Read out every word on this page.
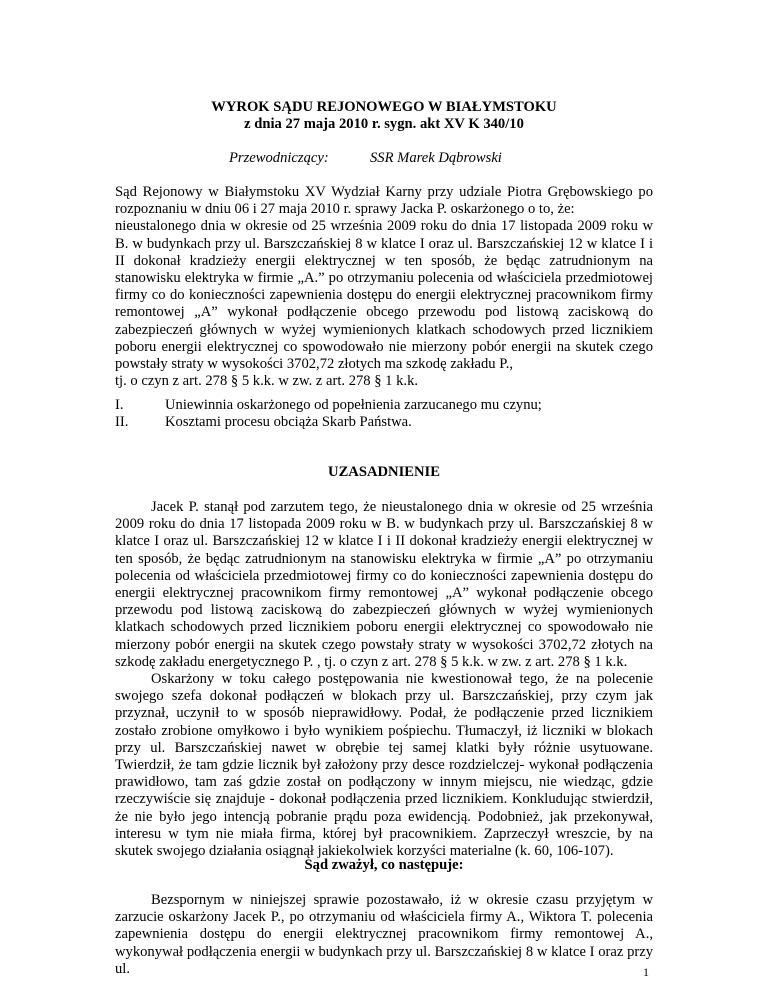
WYROK SĄDU REJONOWEGO W BIAŁYMSTOKU
z dnia 27 maja 2010 r. sygn. akt XV K 340/10
Przewodniczący:	SSR Marek Dąbrowski

Sąd Rejonowy w Białymstoku XV Wydział Karny przy udziale Piotra Grębowskiego po rozpoznaniu w dniu 06 i 27 maja 2010 r. sprawy Jacka P. oskarżonego o to, że:

nieustalonego dnia w okresie od 25 września 2009 roku do dnia 17 listopada 2009 roku w B. w budynkach przy ul. Barszczańskiej 8 w klatce I oraz ul. Barszczańskiej 12 w klatce I i II dokonał kradzieży energii elektrycznej w ten sposób, że będąc zatrudnionym na stanowisku elektryka w firmie „A.” po otrzymaniu polecenia od właściciela przedmiotowej firmy co do konieczności zapewnienia dostępu do energii elektrycznej pracownikom firmy remontowej „A” wykonał podłączenie obcego przewodu pod listową zaciskową do zabezpieczeń głównych w wyżej wymienionych klatkach schodowych przed licznikiem poboru energii elektrycznej co spowodowało nie mierzony pobór energii na skutek czego powstały straty w wysokości 3702,72 złotych ma szkodę zakładu P.,

tj. o czyn z art. 278 § 5 k.k. w zw. z art. 278 § 1 k.k.

I.	Uniewinnia oskarżonego od popełnienia zarzucanego mu czynu;
II.	Kosztami procesu obciąża Skarb Państwa.
UZASADNIENIE

Jacek P. stanął pod zarzutem tego, że nieustalonego dnia w okresie od 25 września 2009 roku do dnia 17 listopada 2009 roku w B. w budynkach przy ul. Barszczańskiej 8 w klatce I oraz ul. Barszczańskiej 12 w klatce I i II dokonał kradzieży energii elektrycznej w ten sposób, że będąc zatrudnionym na stanowisku elektryka w firmie „A” po otrzymaniu polecenia od właściciela przedmiotowej firmy co do konieczności zapewnienia dostępu do energii elektrycznej pracownikom firmy remontowej „A” wykonał podłączenie obcego przewodu pod listową zaciskową do zabezpieczeń głównych w wyżej wymienionych klatkach schodowych przed licznikiem poboru energii elektrycznej co spowodowało nie mierzony pobór energii na skutek czego powstały straty w wysokości 3702,72 złotych na szkodę zakładu energetycznego P. , tj. o czyn z art. 278 § 5 k.k. w zw. z art. 278 § 1 k.k.

Oskarżony w toku całego postępowania nie kwestionował tego, że na polecenie swojego szefa dokonał podłączeń w blokach przy ul. Barszczańskiej, przy czym jak przyznał, uczynił to w sposób nieprawidłowy. Podał, że podłączenie przed licznikiem zostało zrobione omyłkowo i było wynikiem pośpiechu. Tłumaczył, iż liczniki w blokach przy ul. Barszczańskiej nawet w obrębie tej samej klatki były różnie usytuowane. Twierdził, że tam gdzie licznik był założony przy desce rozdzielczej- wykonał podłączenia prawidłowo, tam zaś gdzie został on podłączony w innym miejscu, nie wiedząc, gdzie rzeczywiście się znajduje - dokonał podłączenia przed licznikiem. Konkludując stwierdził, że nie było jego intencją pobranie prądu poza ewidencją. Podobnież, jak przekonywał, interesu w tym nie miała firma, której był pracownikiem. Zaprzeczył wreszcie, by na skutek swojego działania osiągnął jakiekolwiek korzyści materialne (k. 60, 106-107).

Sąd zważył, co następuje:

Bezspornym w niniejszej sprawie pozostawało, iż w okresie czasu przyjętym w zarzucie oskarżony Jacek P., po otrzymaniu od właściciela firmy A., Wiktora T. polecenia zapewnienia dostępu do energii elektrycznej pracownikom firmy remontowej A., wykonywał podłączenia energii w budynkach przy ul. Barszczańskiej 8 w klatce I oraz przy ul.	1
